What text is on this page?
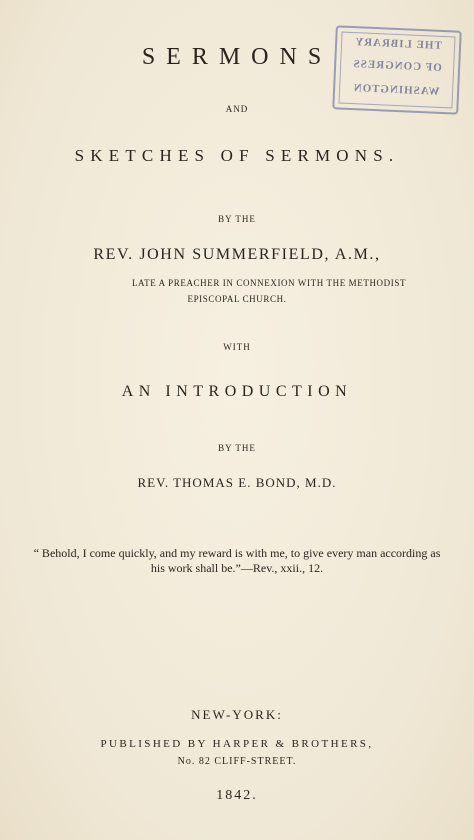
THE LIBRARY
OF CONGRESS
WASHINGTON
SERMONS
AND
SKETCHES OF SERMONS.
BY THE
REV. JOHN SUMMERFIELD, A.M.,
LATE A PREACHER IN CONNEXION WITH THE METHODIST
EPISCOPAL CHURCH.
WITH
AN INTRODUCTION
BY THE
REV. THOMAS E. BOND, M.D.
“ Behold, I come quickly, and my reward is with me, to give every man according as
his work shall be.”—Rev., xxii., 12.
NEW-YORK:
PUBLISHED BY HARPER & BROTHERS,
No. 82 CLIFF-STREET.
1842.
